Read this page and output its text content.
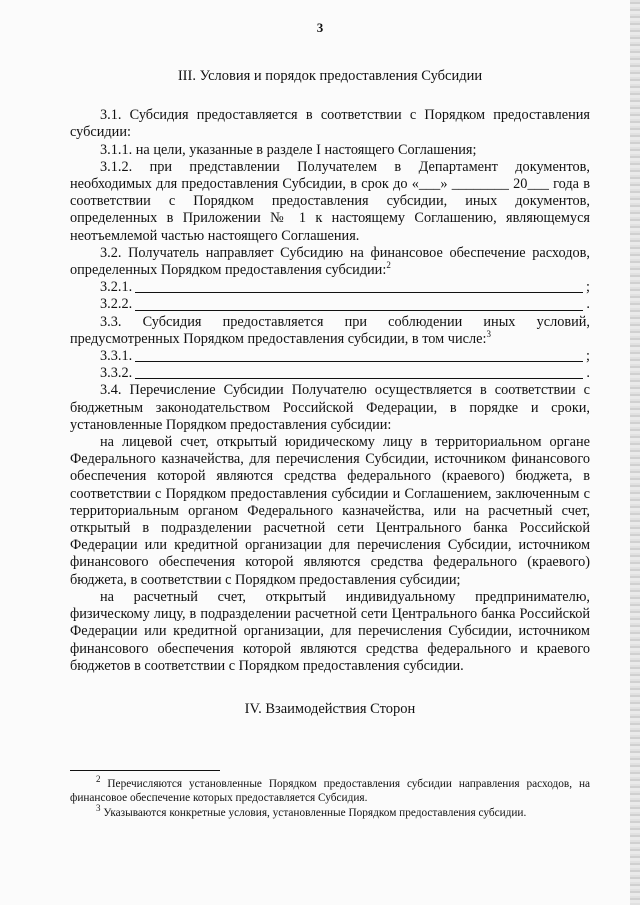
3
III. Условия и порядок предоставления Субсидии

3.1. Субсидия предоставляется в соответствии с Порядком предоставления субсидии:

3.1.1. на цели, указанные в разделе I настоящего Соглашения;

3.1.2. при представлении Получателем в Департамент документов, необходимых для предоставления Субсидии, в срок до «___» ________ 20___ года в соответствии с Порядком предоставления субсидии, иных документов, определенных в Приложении № 1 к настоящему Соглашению, являющемуся неотъемлемой частью настоящего Соглашения.

3.2. Получатель направляет Субсидию на финансовое обеспечение расходов, определенных Порядком предоставления субсидии:$^2$

3.2.1.	;
3.2.2.	.

3.3. Субсидия предоставляется при соблюдении иных условий, предусмотренных Порядком предоставления субсидии, в том числе:$^3$

3.3.1.	;
3.3.2.	.

3.4. Перечисление Субсидии Получателю осуществляется в соответствии с бюджетным законодательством Российской Федерации, в порядке и сроки, установленные Порядком предоставления субсидии:

на лицевой счет, открытый юридическому лицу в территориальном органе Федерального казначейства, для перечисления Субсидии, источником финансового обеспечения которой являются средства федерального (краевого) бюджета, в соответствии с Порядком предоставления субсидии и Соглашением, заключенным с территориальным органом Федерального казначейства, или на расчетный счет, открытый в подразделении расчетной сети Центрального банка Российской Федерации или кредитной организации для перечисления Субсидии, источником финансового обеспечения которой являются средства федерального (краевого) бюджета, в соответствии с Порядком предоставления субсидии;

на расчетный счет, открытый индивидуальному предпринимателю, физическому лицу, в подразделении расчетной сети Центрального банка Российской Федерации или кредитной организации, для перечисления Субсидии, источником финансового обеспечения которой являются средства федерального и краевого бюджетов в соответствии с Порядком предоставления субсидии.

IV. Взаимодействия Сторон

$^2$ Перечисляются установленные Порядком предоставления субсидии направления расходов, на финансовое обеспечение которых предоставляется Субсидия.

$^3$ Указываются конкретные условия, установленные Порядком предоставления субсидии.
